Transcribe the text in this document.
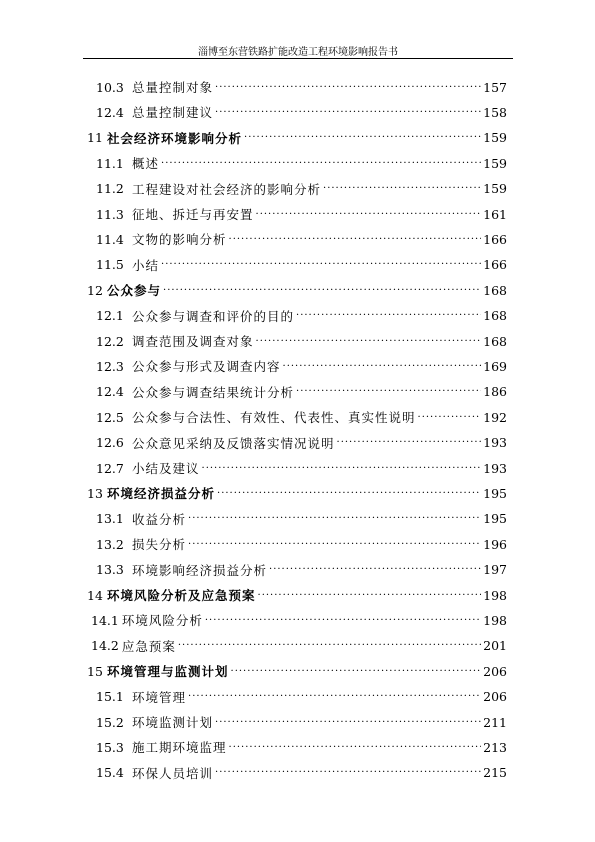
淄博至东营铁路扩能改造工程环境影响报告书
10.3 总量控制对象 ·····	157
12.4 总量控制建议 ·····	158
11 社会经济环境影响分析 ·····	159
11.1 概述 ·····	159
11.2 工程建设对社会经济的影响分析 ·····	159
11.3 征地、拆迁与再安置 ·····	161
11.4 文物的影响分析 ·····	166
11.5 小结 ·····	166
12 公众参与 ·····	168
12.1 公众参与调查和评价的目的 ·····	168
12.2 调查范围及调查对象 ·····	168
12.3 公众参与形式及调查内容 ·····	169
12.4 公众参与调查结果统计分析 ·····	186
12.5 公众参与合法性、有效性、代表性、真实性说明 ·····	192
12.6 公众意见采纳及反馈落实情况说明 ·····	193
12.7 小结及建议 ·····	193
13 环境经济损益分析 ·····	195
13.1 收益分析 ·····	195
13.2 损失分析 ·····	196
13.3 环境影响经济损益分析 ·····	197
14 环境风险分析及应急预案 ·····	198
14.1 环境风险分析 ·····	198
14.2 应急预案 ·····	201
15 环境管理与监测计划 ·····	206
15.1 环境管理 ·····	206
15.2 环境监测计划 ·····	211
15.3 施工期环境监理 ·····	213
15.4 环保人员培训 ·····	215
